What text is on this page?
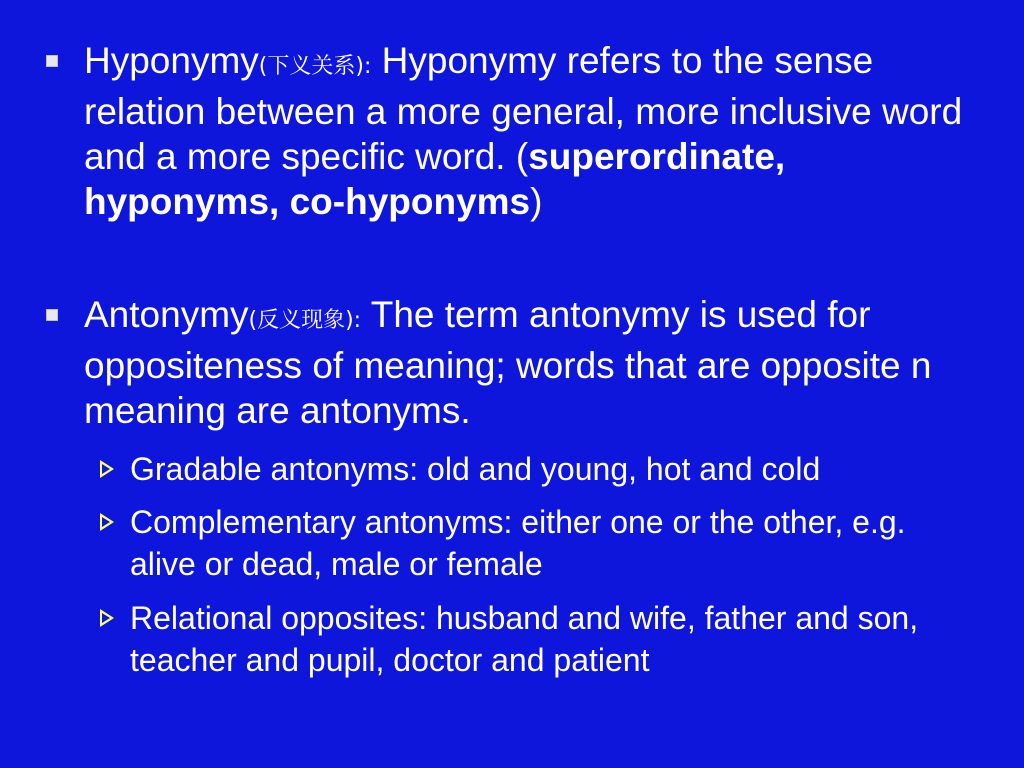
Hyponymy(下义关系): Hyponymy refers to the sense relation between a more general, more inclusive word and a more specific word. (superordinate, hyponyms, co-hyponyms)
Antonymy(反义现象): The term antonymy is used for oppositeness of meaning; words that are opposite n meaning are antonyms.
Gradable antonyms: old and young, hot and cold
Complementary antonyms: either one or the other, e.g. alive or dead, male or female
Relational opposites: husband and wife, father and son, teacher and pupil, doctor and patient
